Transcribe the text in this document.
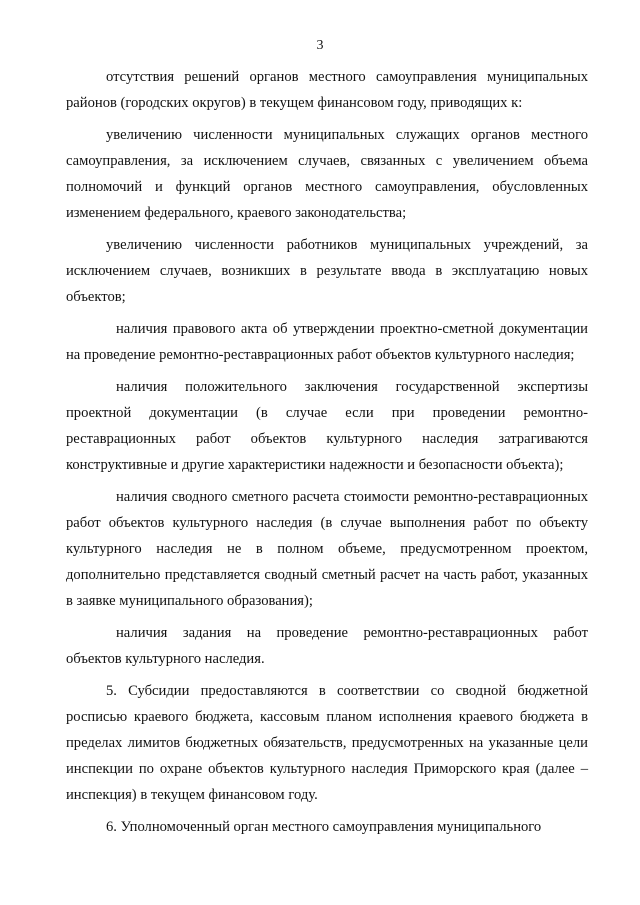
3

отсутствия решений органов местного самоуправления муниципальных районов (городских округов) в текущем финансовом году, приводящих к:

увеличению численности муниципальных служащих органов местного самоуправления, за исключением случаев, связанных с увеличением объема полномочий и функций органов местного самоуправления, обусловленных изменением федерального, краевого законодательства;

увеличению численности работников муниципальных учреждений, за исключением случаев, возникших в результате ввода в эксплуатацию новых объектов;

наличия правового акта об утверждении проектно-сметной документации на проведение ремонтно-реставрационных работ объектов культурного наследия;

наличия положительного заключения государственной экспертизы проектной документации (в случае если при проведении ремонтно-реставрационных работ объектов культурного наследия затрагиваются конструктивные и другие характеристики надежности и безопасности объекта);

наличия сводного сметного расчета стоимости ремонтно-реставрационных работ объектов культурного наследия (в случае выполнения работ по объекту культурного наследия не в полном объеме, предусмотренном проектом, дополнительно представляется сводный сметный расчет на часть работ, указанных в заявке муниципального образования);

наличия задания на проведение ремонтно-реставрационных работ объектов культурного наследия.

5. Субсидии предоставляются в соответствии со сводной бюджетной росписью краевого бюджета, кассовым планом исполнения краевого бюджета в пределах лимитов бюджетных обязательств, предусмотренных на указанные цели инспекции по охране объектов культурного наследия Приморского края (далее – инспекция) в текущем финансовом году.

6. Уполномоченный орган местного самоуправления муниципального
